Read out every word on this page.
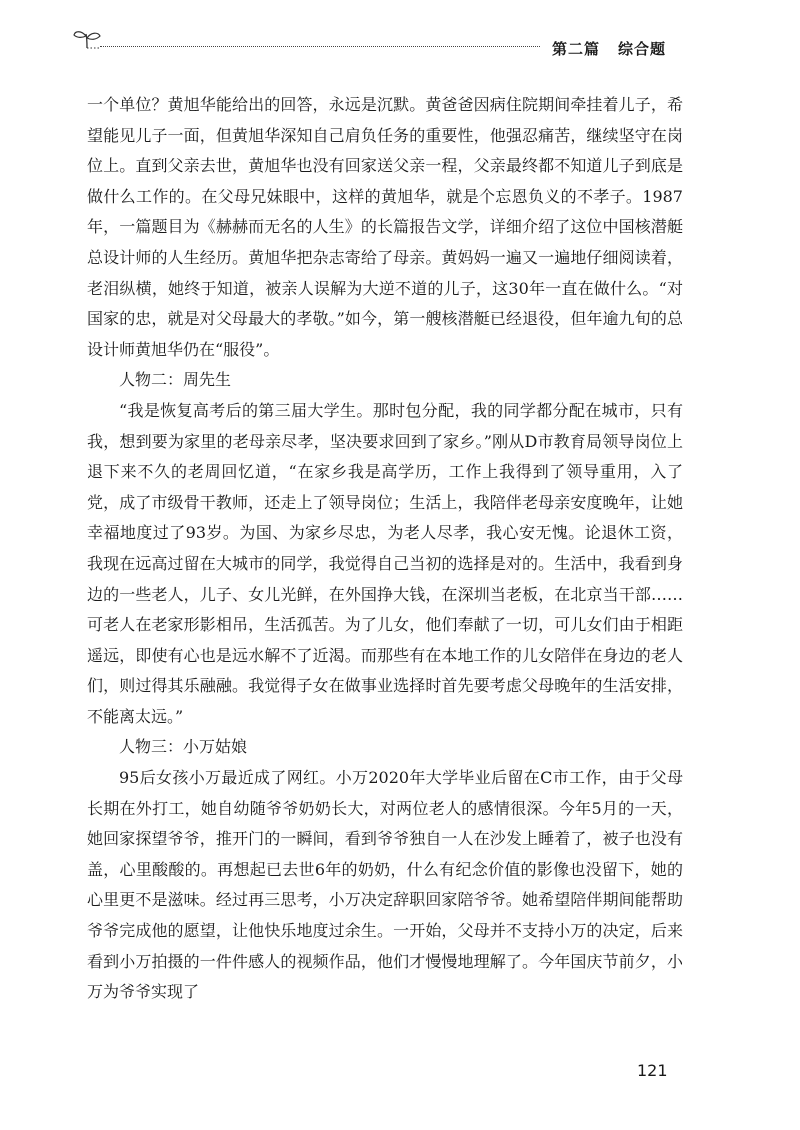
第二篇 综合题

一个单位？黄旭华能给出的回答，永远是沉默。黄爸爸因病住院期间牵挂着儿子，希望能见儿子一面，但黄旭华深知自己肩负任务的重要性，他强忍痛苦，继续坚守在岗位上。直到父亲去世，黄旭华也没有回家送父亲一程，父亲最终都不知道儿子到底是做什么工作的。在父母兄妹眼中，这样的黄旭华，就是个忘恩负义的不孝子。1987年，一篇题目为《赫赫而无名的人生》的长篇报告文学，详细介绍了这位中国核潜艇总设计师的人生经历。黄旭华把杂志寄给了母亲。黄妈妈一遍又一遍地仔细阅读着，老泪纵横，她终于知道，被亲人误解为大逆不道的儿子，这30年一直在做什么。“对国家的忠，就是对父母最大的孝敬。”如今，第一艘核潜艇已经退役，但年逾九旬的总设计师黄旭华仍在“服役”。

人物二：周先生

“我是恢复高考后的第三届大学生。那时包分配，我的同学都分配在城市，只有我，想到要为家里的老母亲尽孝，坚决要求回到了家乡。”刚从D市教育局领导岗位上退下来不久的老周回忆道，“在家乡我是高学历，工作上我得到了领导重用，入了党，成了市级骨干教师，还走上了领导岗位；生活上，我陪伴老母亲安度晚年，让她幸福地度过了93岁。为国、为家乡尽忠，为老人尽孝，我心安无愧。论退休工资，我现在远高过留在大城市的同学，我觉得自己当初的选择是对的。生活中，我看到身边的一些老人，儿子、女儿光鲜，在外国挣大钱，在深圳当老板，在北京当干部……可老人在老家形影相吊，生活孤苦。为了儿女，他们奉献了一切，可儿女们由于相距遥远，即使有心也是远水解不了近渴。而那些有在本地工作的儿女陪伴在身边的老人们，则过得其乐融融。我觉得子女在做事业选择时首先要考虑父母晚年的生活安排，不能离太远。”

人物三：小万姑娘

95后女孩小万最近成了网红。小万2020年大学毕业后留在C市工作，由于父母长期在外打工，她自幼随爷爷奶奶长大，对两位老人的感情很深。今年5月的一天，她回家探望爷爷，推开门的一瞬间，看到爷爷独自一人在沙发上睡着了，被子也没有盖，心里酸酸的。再想起已去世6年的奶奶，什么有纪念价值的影像也没留下，她的心里更不是滋味。经过再三思考，小万决定辞职回家陪爷爷。她希望陪伴期间能帮助爷爷完成他的愿望，让他快乐地度过余生。一开始，父母并不支持小万的决定，后来看到小万拍摄的一件件感人的视频作品，他们才慢慢地理解了。今年国庆节前夕，小万为爷爷实现了

121
